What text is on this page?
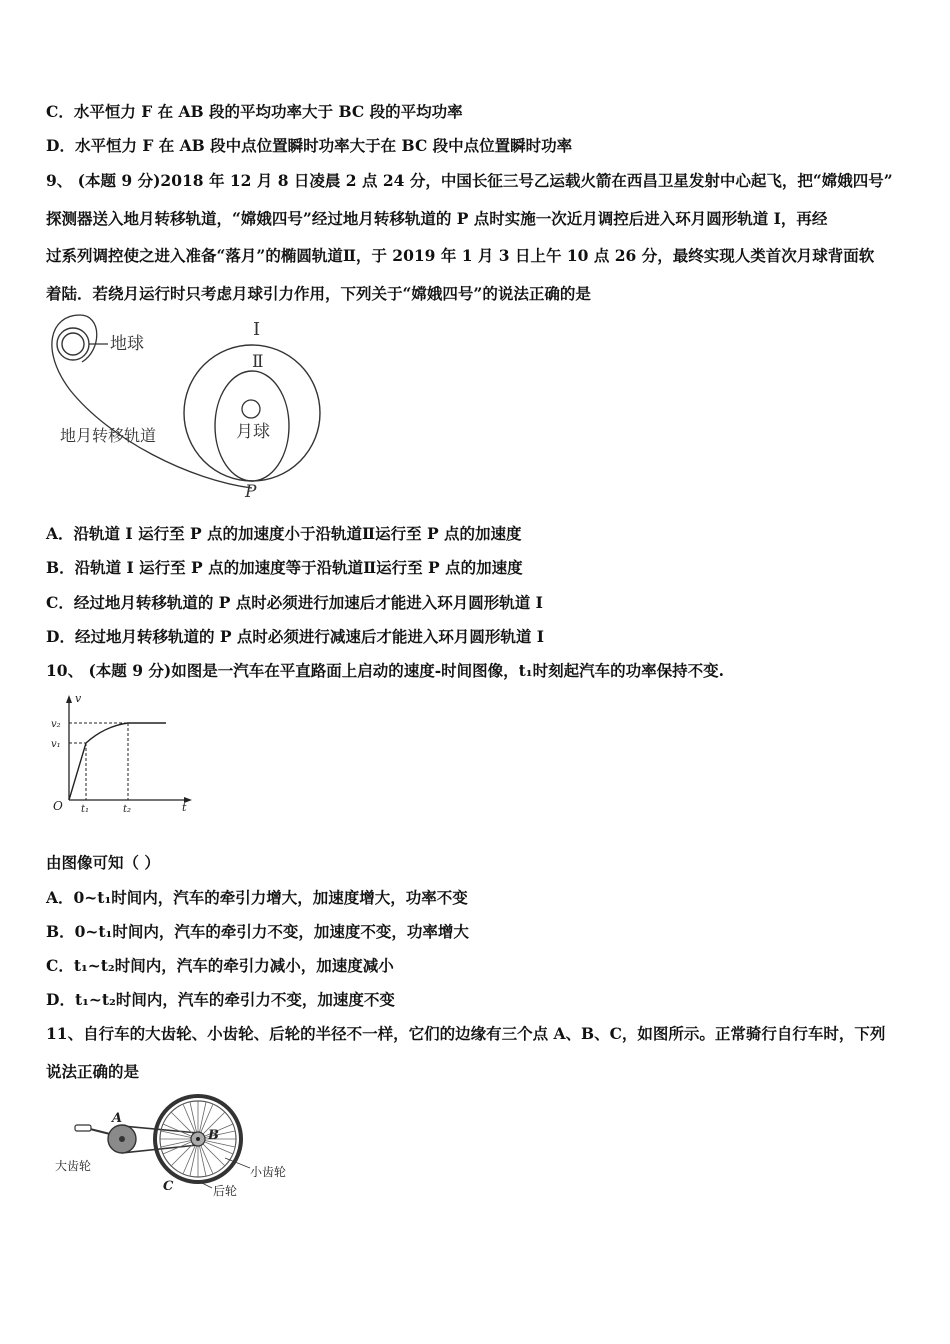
C．水平恒力 F 在 AB 段的平均功率大于 BC 段的平均功率
D．水平恒力 F 在 AB 段中点位置瞬时功率大于在 BC 段中点位置瞬时功率
9、 (本题 9 分)2018 年 12 月 8 日凌晨 2 点 24 分，中国长征三号乙运载火箭在西昌卫星发射中心起飞，把“嫦娥四号”
探测器送入地月转移轨道，“嫦娥四号”经过地月转移轨道的 P 点时实施一次近月调控后进入环月圆形轨道 I，再经
过系列调控使之进入准备“落月”的椭圆轨道Ⅱ，于 2019 年 1 月 3 日上午 10 点 26 分，最终实现人类首次月球背面软
着陆．若绕月运行时只考虑月球引力作用，下列关于“嫦娥四号”的说法正确的是
地球
月球
Ⅰ
Ⅱ
地月转移轨道
P
A．沿轨道 I 运行至 P 点的加速度小于沿轨道Ⅱ运行至 P 点的加速度
B．沿轨道 I 运行至 P 点的加速度等于沿轨道Ⅱ运行至 P 点的加速度
C．经过地月转移轨道的 P 点时必须进行加速后才能进入环月圆形轨道 I
D．经过地月转移轨道的 P 点时必须进行减速后才能进入环月圆形轨道 I
10、 (本题 9 分)如图是一汽车在平直路面上启动的速度-时间图像，t₁时刻起汽车的功率保持不变.
v
t
O
v₂
v₁
t₁	t₂
由图像可知（ ）
A．0~t₁时间内，汽车的牵引力增大，加速度增大，功率不变
B．0~t₁时间内，汽车的牵引力不变，加速度不变，功率增大
C．t₁~t₂时间内，汽车的牵引力减小，加速度减小
D．t₁~t₂时间内，汽车的牵引力不变，加速度不变
11、自行车的大齿轮、小齿轮、后轮的半径不一样，它们的边缘有三个点 A、B、C，如图所示。正常骑行自行车时，下列
说法正确的是
A
B
C
大齿轮	小齿轮
后轮
